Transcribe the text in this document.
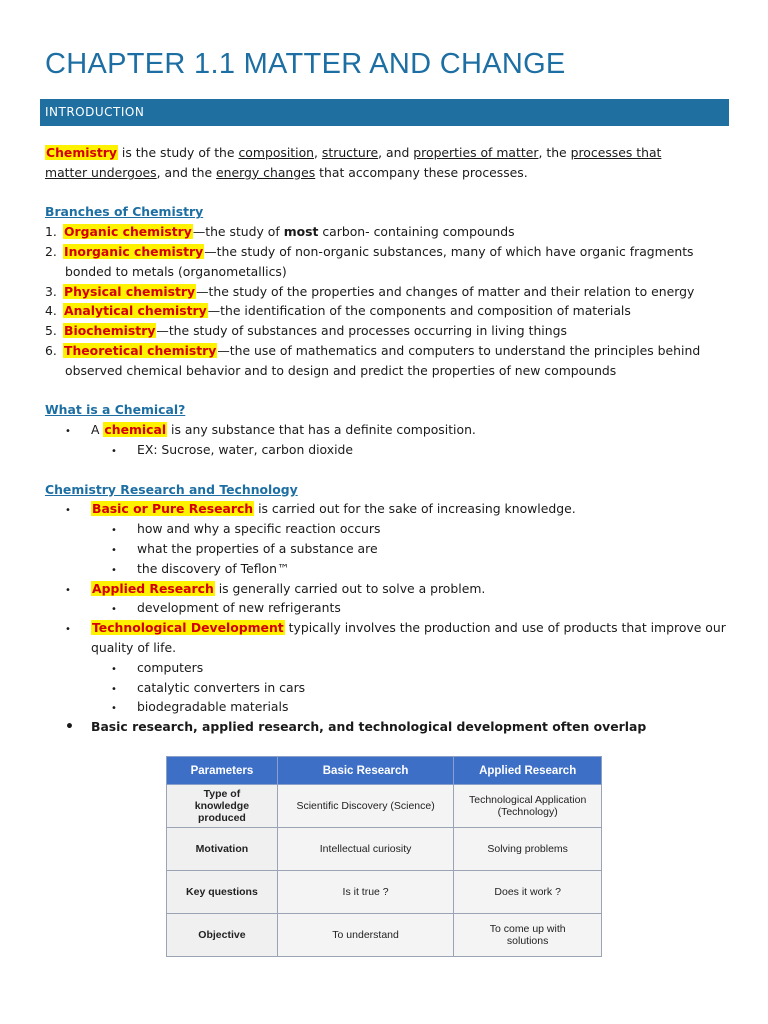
CHAPTER 1.1 MATTER AND CHANGE
INTRODUCTION
Chemistry is the study of the composition, structure, and properties of matter, the processes that
matter undergoes, and the energy changes that accompany these processes.
Branches of Chemistry
1. Organic chemistry—the study of most carbon- containing compounds
2. Inorganic chemistry—the study of non-organic substances, many of which have organic fragments
bonded to metals (organometallics)
3. Physical chemistry—the study of the properties and changes of matter and their relation to energy
4. Analytical chemistry—the identification of the components and composition of materials
5. Biochemistry—the study of substances and processes occurring in living things
6. Theoretical chemistry—the use of mathematics and computers to understand the principles behind
observed chemical behavior and to design and predict the properties of new compounds
What is a Chemical?
• A chemical is any substance that has a definite composition.
• EX: Sucrose, water, carbon dioxide
Chemistry Research and Technology
• Basic or Pure Research is carried out for the sake of increasing knowledge.
• how and why a specific reaction occurs
• what the properties of a substance are
• the discovery of Teflon™
• Applied Research is generally carried out to solve a problem.
• development of new refrigerants
• Technological Development typically involves the production and use of products that improve our
quality of life.
• computers
• catalytic converters in cars
• biodegradable materials
• Basic research, applied research, and technological development often overlap
Parameters	Basic Research	Applied Research
Type of knowledge produced	Scientific Discovery (Science)	Technological Application (Technology)
Motivation	Intellectual curiosity	Solving problems
Key questions	Is it true ?	Does it work ?
Objective	To understand	To come up with solutions
